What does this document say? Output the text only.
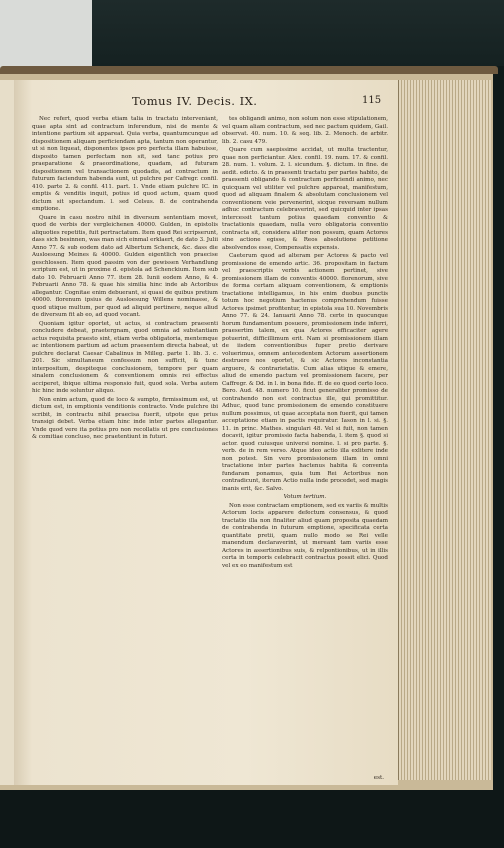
Tomus IV. Decis. IX.	115

Nec refert, quod verba etiam talia in tractatu interveniant, quae apta sint ad contractum inferendum, nisi de mente & intentione partium sit appareat. Quia verba, quantumcunque ad dispositionem aliquam perficiendam apta, tantum non operantur, ut si non liqueat, disponentes ipsos pro perfecta illam habuisse, disposito tamen perfectam non sit, sed tanc potius pro praeparatione & praeordinatione, quadam, ad futuram dispositionem vel transactionem quodadis, ad contractum in futurum faciendum habenda sunt, ut pulchre per Cafregr. confil. 410. parte 2. & confil. 411. part. 1. Vnde etiam pulchre IC. in emptis & venditis inquit, potius id quod actum, quam quod dictum sit spectandum. l. sed Celsus. 8. de contrahenda emptione.

Quare in casu nostro nihil in diversum sententiam movet, quod de verbis der vergleichenen 40000. Gulden, in epistolis aliquoties repetitis, fuit pertractatum. Item quod Rei scripserunt, dass sich besinnen, was man sich einmal erklaert, de dato 3. Julii Anno 77. & sub eodem dato ad Albertum Schenck, &c. dass die Ausloesung Meines & 40000. Gulden eigentlich von praecise geschlossen. Item quod passim von der gewissen Verhandlung scriptum est, ut in proxime d. epistola ad Schenckium. Item sub dato 10. Februarii Anno 77. item 28. Iunii eodem Anno, & 4. Februarii Anno 78. & quae his similia hinc inde ab Actoribus allegantur. Cognitae enim debuerant, si quasi de quibus pretium 40000. florenum ipsius de Ausloesung Willens nominasse, & quod utique multum, per quod ad aliquid pertinere, neque aliud de diversum fit ab eo, ad quod vocant.

Quoniam igitur oportet, ut actus, si contractum praesenti concludere debeat, praetergnam, quod omnia ad substantiam actus requisita praesto sint, etiam verba obligatoria, mentemque ac intentionem partium ad actum praesentem directa habeat, ut pulchre declarat Caesar Cabalinus in Milleg. parte 1. lib. 3. c. 201. Sic simultaneum confessum non sufficit, & tunc interpositum, despiteque conclusionem, tempore per quam sinalem conclusionem & conventionem omnis rei effectus acciperet, ibique ultima responsio fuit, quod sola. Verba autem hic hinc inde soluntur aliquo.

Non enim actum, quod de loco & sumpto, firmissimum est, ut dictum est, in emptionis venditionis contracto. Vnde pulchre ibi scribit, in contractu nihil praecisa fuerit, utpote que prius transigi debet. Verba etiam hinc inde inter partes allegantur. Vnde quod vere ita potius pro non recollatis ut pre conclusiones & comitiae concluso, nec praetentiunt in futuri.

tes obligandi animo, non solum non esse stipulationem, vel quam aliam contractum, sed nec pactum quidem, Gail. observat. 40. num. 10. & seq. lib. 2. Menoch. de arbitr. lib. 2. casu 479.

Quare cum saepissime accidat, ut multa tractentur, quae non perficiantur. Alex. confil. 19. num. 17. & confil. 28. num. 1. volum. 2. l. sicundum. §. dictum. in fine. de aedit. edicto. & in praesenti tractatu per partes habito, de praesenti obligando & contractum perficiendi animo, nec quicquam vel utiliter vel pulchre appareat, manifestum, quod ad aliquam finalem & absolutam conclusionem vel conventionem veie pervenerint, sicque reversam nullum adhuc contractum celebraverint, sed quicquid inter ipsas intercessit tantum potius quaedam conventio & tractationis quaedam, nulla vero obligatoria conventio contracta sit, considera aliter non possum, quam Actores sine actione egisse, & Reos absolutione petitione absolvendos esse, Compensatis expensis.

Caeterum quod ad alteram per Actores & pacto vel promissione de emendo artic. 36. propositam in factum vel praescriptis verbis actionem pertinet, sive promissionem illam de conventis 40000. florenorum, sive de forma certam aliquam conventionem, & emptionis tractatione intelligamus, in his enim duobus punctis totum hoc negotium hactenus comprehendum fuisse Actores ipsimet profitentur, in epistola sua 10. Novembris Anno 77. & 24. Ianuarii Anno 78. certe in quocunque horum fundamentum posuere, promissionem inde inferri, praesertim talem, ex qua Actores efficaciter agere potuerint, difficillimum erit. Nam si promissionem illam de iisdem conventionibus fuper pretio derivare voluerimus, omnem antecedentem Actorum assertionem destruere nos oportet, & sic Actores inconstantia arguere, & contrarietatis. Cum alias utique & emere, aliud de emendo pactum vel promissionem facere, per Caffregr. & Dd. in l. in bona fide. ff. de eo quod certo loco. Bero. Aud. 48. numero 10. ficut generaliter promisso de contrahendo non est contractus ille, qui promittitur. Adhuc, quod tunc promissionem de emendo constituere nullum possimus, ut quae acceptata non fuerit, qui tamen acceptatione etiam in pactis requiratur. Iason in l. si. §. 11. in princ. Mathes. singulari 48. Vel si fuit, non tamen docavit, igitur promissio facta habenda, l. item §. quod si actor. quod cuiusque universi nomine. l. si pro parte. §. verb. de in rem verso. Atque ideo actio illa exlitere inde non potest. Sin vero promissionem illam in omni tractatione inter partes hactenus habita & conventa fundaram ponamus, quia tum Rei Actoribus non contradicunt, iterum Actio nulla inde procedet, sed magis inanis erit, &c. Salvo.

Votum tertium.

Non esse contractam emptionem, sed ex variis & multis Actorum locis apparere defectum consensus, & quod tractatio illa non finaliter aliud quam proposita quaedam de contrahenda in futurum emptione, specificata certa quantitate pretii, quam nullo modo se Rei velle manendum declaraverint, ut mereant tam variis esse Actores in assertionibus suis, & relpontionibus, ut in illis certa in temporis celebracit contractus possit elici. Quod vel ex eo manifestum est

est.
